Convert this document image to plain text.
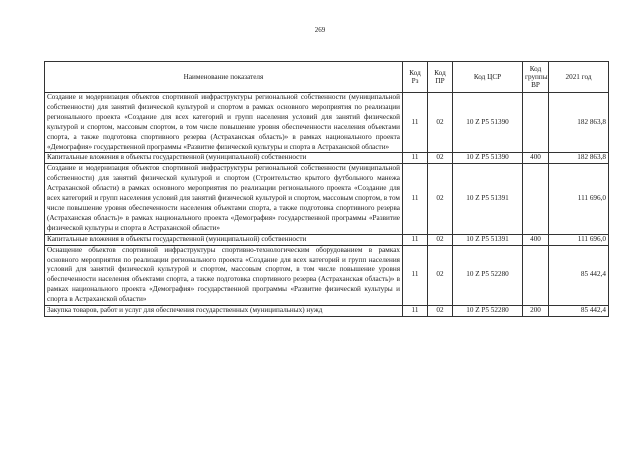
269
Наименование показателя	Код Рз	Код ПР	Код ЦСР	Код группы ВР	2021 год
Создание и модернизация объектов спортивной инфраструктуры региональной собственности (муниципальной собственности) для занятий физической культурой и спортом в рамках основного мероприятия по реализации регионального проекта «Создание для всех категорий и групп населения условий для занятий физической культурой и спортом, массовым спортом, в том числе повышение уровня обеспеченности населения объектами спорта, а также подготовка спортивного резерва (Астраханская область)» в рамках национального проекта «Демография» государственной программы «Развитие физической культуры и спорта в Астраханской области»	11	02	10 Z P5 51390		182 863,8
Капитальные вложения в объекты государственной (муниципальной) собственности	11	02	10 Z P5 51390	400	182 863,8
Создание и модернизация объектов спортивной инфраструктуры региональной собственности (муниципальной собственности) для занятий физической культурой и спортом (Строительство крытого футбольного манежа Астраханской области) в рамках основного мероприятия по реализации регионального проекта «Создание для всех категорий и групп населения условий для занятий физической культурой и спортом, массовым спортом, в том числе повышение уровня обеспеченности населения объектами спорта, а также подготовка спортивного резерва (Астраханская область)» в рамках национального проекта «Демография» государственной программы «Развитие физической культуры и спорта в Астраханской области»	11	02	10 Z P5 51391		111 696,0
Капитальные вложения в объекты государственной (муниципальной) собственности	11	02	10 Z P5 51391	400	111 696,0
Оснащение объектов спортивной инфраструктуры спортивно-технологическим оборудованием в рамках основного мероприятия по реализации регионального проекта «Создание для всех категорий и групп населения условий для занятий физической культурой и спортом, массовым спортом, в том числе повышение уровня обеспеченности населения объектами спорта, а также подготовка спортивного резерва (Астраханская область)» в рамках национального проекта «Демография» государственной программы «Развитие физической культуры и спорта в Астраханской области»	11	02	10 Z P5 52280		85 442,4
Закупка товаров, работ и услуг для обеспечения государственных (муниципальных) нужд	11	02	10 Z P5 52280	200	85 442,4
